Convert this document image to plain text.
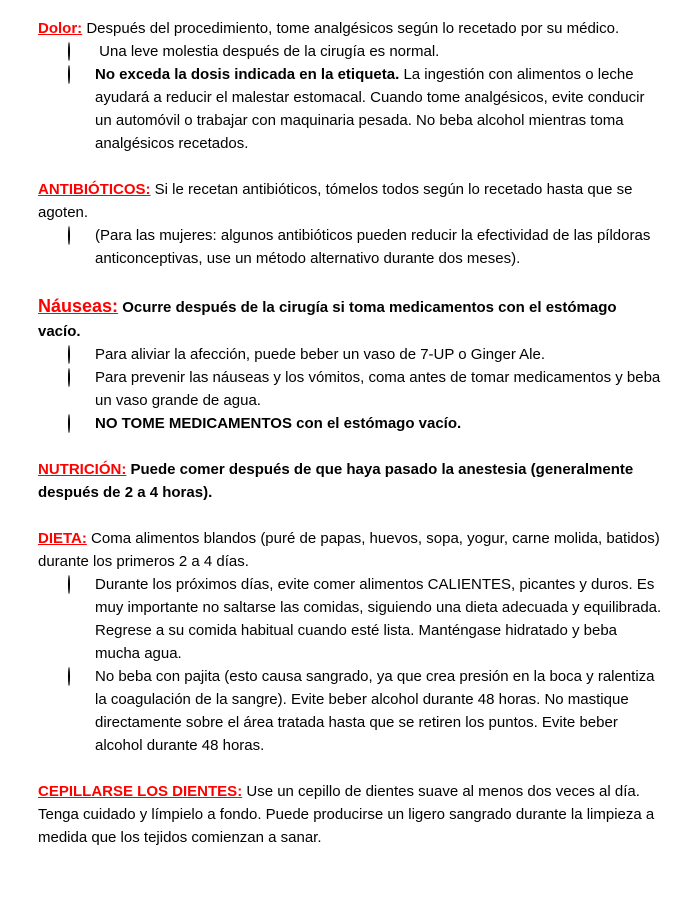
Dolor: Después del procedimiento, tome analgésicos según lo recetado por su médico.
Una leve molestia después de la cirugía es normal.
No exceda la dosis indicada en la etiqueta. La ingestión con alimentos o leche ayudará a reducir el malestar estomacal. Cuando tome analgésicos, evite conducir un automóvil o trabajar con maquinaria pesada. No beba alcohol mientras toma analgésicos recetados.
ANTIBIÓTICOS: Si le recetan antibióticos, tómelos todos según lo recetado hasta que se agoten.
(Para las mujeres: algunos antibióticos pueden reducir la efectividad de las píldoras anticonceptivas, use un método alternativo durante dos meses).
Náuseas: Ocurre después de la cirugía si toma medicamentos con el estómago vacío.
Para aliviar la afección, puede beber un vaso de 7-UP o Ginger Ale.
Para prevenir las náuseas y los vómitos, coma antes de tomar medicamentos y beba un vaso grande de agua.
NO TOME MEDICAMENTOS con el estómago vacío.
NUTRICIÓN: Puede comer después de que haya pasado la anestesia (generalmente después de 2 a 4 horas).
DIETA: Coma alimentos blandos (puré de papas, huevos, sopa, yogur, carne molida, batidos) durante los primeros 2 a 4 días.
Durante los próximos días, evite comer alimentos CALIENTES, picantes y duros. Es muy importante no saltarse las comidas, siguiendo una dieta adecuada y equilibrada. Regrese a su comida habitual cuando esté lista. Manténgase hidratado y beba mucha agua.
No beba con pajita (esto causa sangrado, ya que crea presión en la boca y ralentiza la coagulación de la sangre). Evite beber alcohol durante 48 horas. No mastique directamente sobre el área tratada hasta que se retiren los puntos. Evite beber alcohol durante 48 horas.
CEPILLARSE LOS DIENTES: Use un cepillo de dientes suave al menos dos veces al día. Tenga cuidado y límpielo a fondo. Puede producirse un ligero sangrado durante la limpieza a medida que los tejidos comienzan a sanar.
